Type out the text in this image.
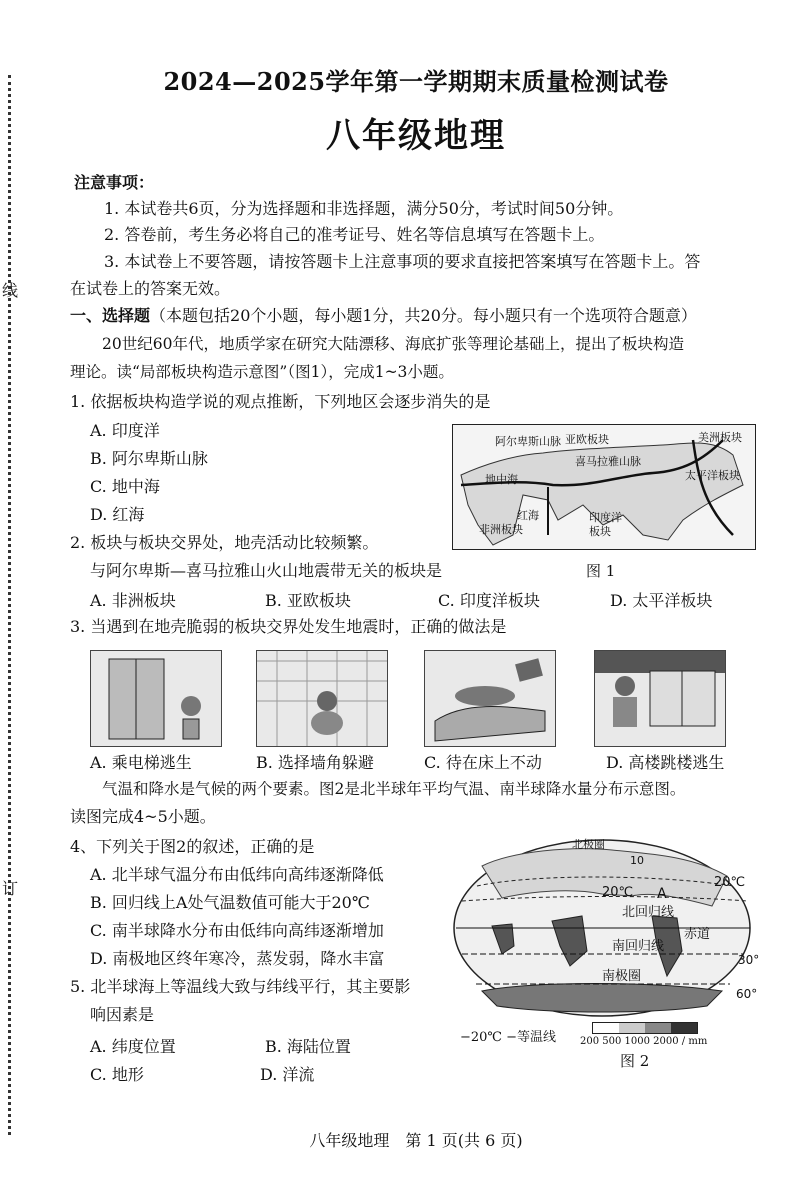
线
订
2024—2025学年第一学期期末质量检测试卷
八年级地理
注意事项：
1. 本试卷共6页，分为选择题和非选择题，满分50分，考试时间50分钟。
2. 答卷前，考生务必将自己的准考证号、姓名等信息填写在答题卡上。
3. 本试卷上不要答题，请按答题卡上注意事项的要求直接把答案填写在答题卡上。答
在试卷上的答案无效。
一、选择题（本题包括20个小题，每小题1分，共20分。每小题只有一个选项符合题意）
20世纪60年代，地质学家在研究大陆漂移、海底扩张等理论基础上，提出了板块构造
理论。读“局部板块构造示意图”（图1），完成1~3小题。
1. 依据板块构造学说的观点推断，下列地区会逐步消失的是
A. 印度洋
B. 阿尔卑斯山脉
C. 地中海
D. 红海
阿尔卑斯山脉 亚欧板块
喜马拉雅山脉
美洲板块
地中海	太平洋板块
红海
非洲板块
印度洋
板块
2. 板块与板块交界处，地壳活动比较频繁。
与阿尔卑斯—喜马拉雅山火山地震带无关的板块是	图 1
A. 非洲板块	B. 亚欧板块	C. 印度洋板块	D. 太平洋板块
3. 当遇到在地壳脆弱的板块交界处发生地震时，正确的做法是
A. 乘电梯逃生	B. 选择墙角躲避	C. 待在床上不动	D. 高楼跳楼逃生
气温和降水是气候的两个要素。图2是北半球年平均气温、南半球降水量分布示意图。
读图完成4~5小题。
4、下列关于图2的叙述，正确的是
A. 北半球气温分布由低纬向高纬逐渐降低
B. 回归线上A处气温数值可能大于20℃
C. 南半球降水分布由低纬向高纬逐渐增加
D. 南极地区终年寒冷，蒸发弱，降水丰富
5. 北半球海上等温线大致与纬线平行，其主要影
响因素是
A. 纬度位置	B. 海陆位置
C. 地形	D. 洋流
北极圈
10
北回归线
20℃ A
20℃
赤道
南回归线
30°
南极圈
60°
−20℃ −等温线 200 500 1000 2000 / mm
图 2
八年级地理　第 1 页(共 6 页)
